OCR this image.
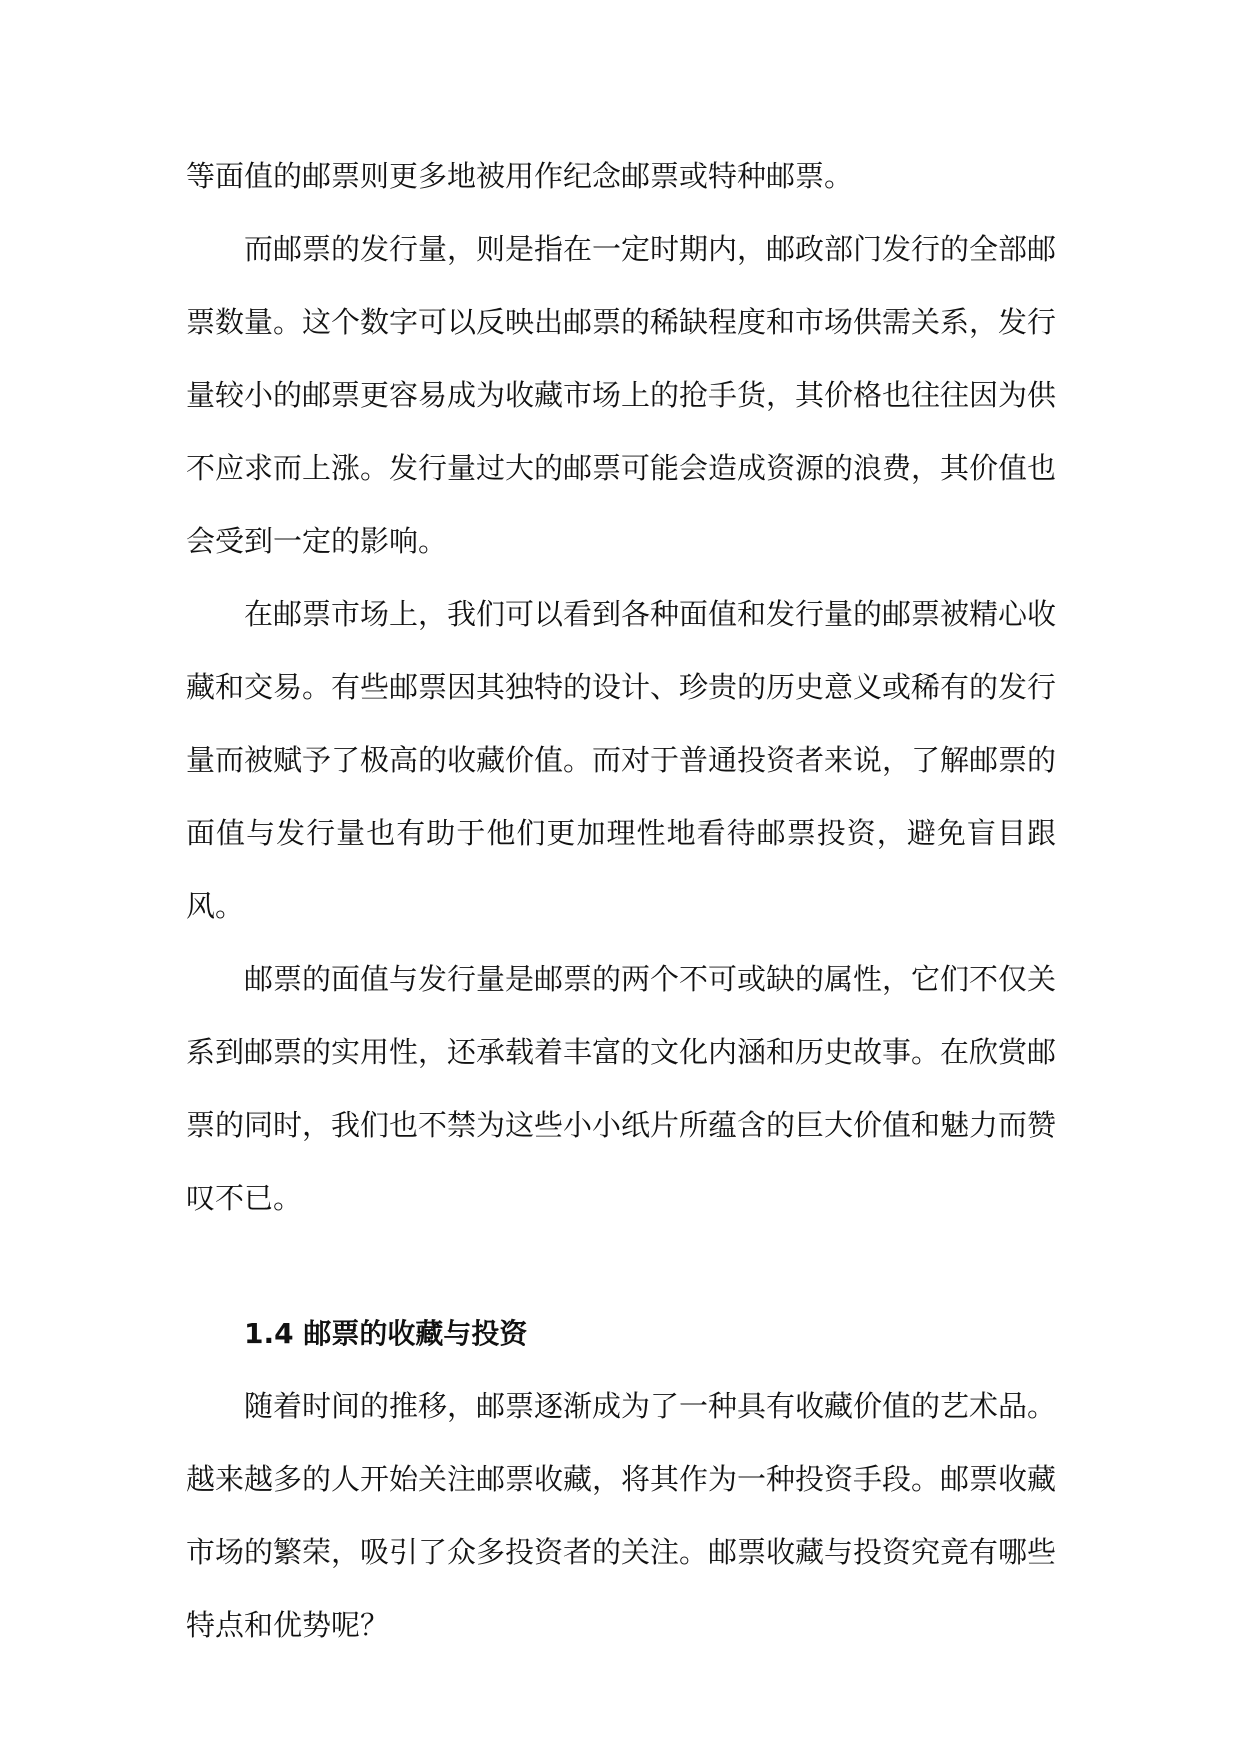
等面值的邮票则更多地被用作纪念邮票或特种邮票。

而邮票的发行量，则是指在一定时期内，邮政部门发行的全部邮票数量。这个数字可以反映出邮票的稀缺程度和市场供需关系，发行量较小的邮票更容易成为收藏市场上的抢手货，其价格也往往因为供不应求而上涨。发行量过大的邮票可能会造成资源的浪费，其价值也会受到一定的影响。

在邮票市场上，我们可以看到各种面值和发行量的邮票被精心收藏和交易。有些邮票因其独特的设计、珍贵的历史意义或稀有的发行量而被赋予了极高的收藏价值。而对于普通投资者来说，了解邮票的面值与发行量也有助于他们更加理性地看待邮票投资，避免盲目跟风。

邮票的面值与发行量是邮票的两个不可或缺的属性，它们不仅关系到邮票的实用性，还承载着丰富的文化内涵和历史故事。在欣赏邮票的同时，我们也不禁为这些小小纸片所蕴含的巨大价值和魅力而赞叹不已。

1.4 邮票的收藏与投资

随着时间的推移，邮票逐渐成为了一种具有收藏价值的艺术品。越来越多的人开始关注邮票收藏，将其作为一种投资手段。邮票收藏市场的繁荣，吸引了众多投资者的关注。邮票收藏与投资究竟有哪些特点和优势呢？
